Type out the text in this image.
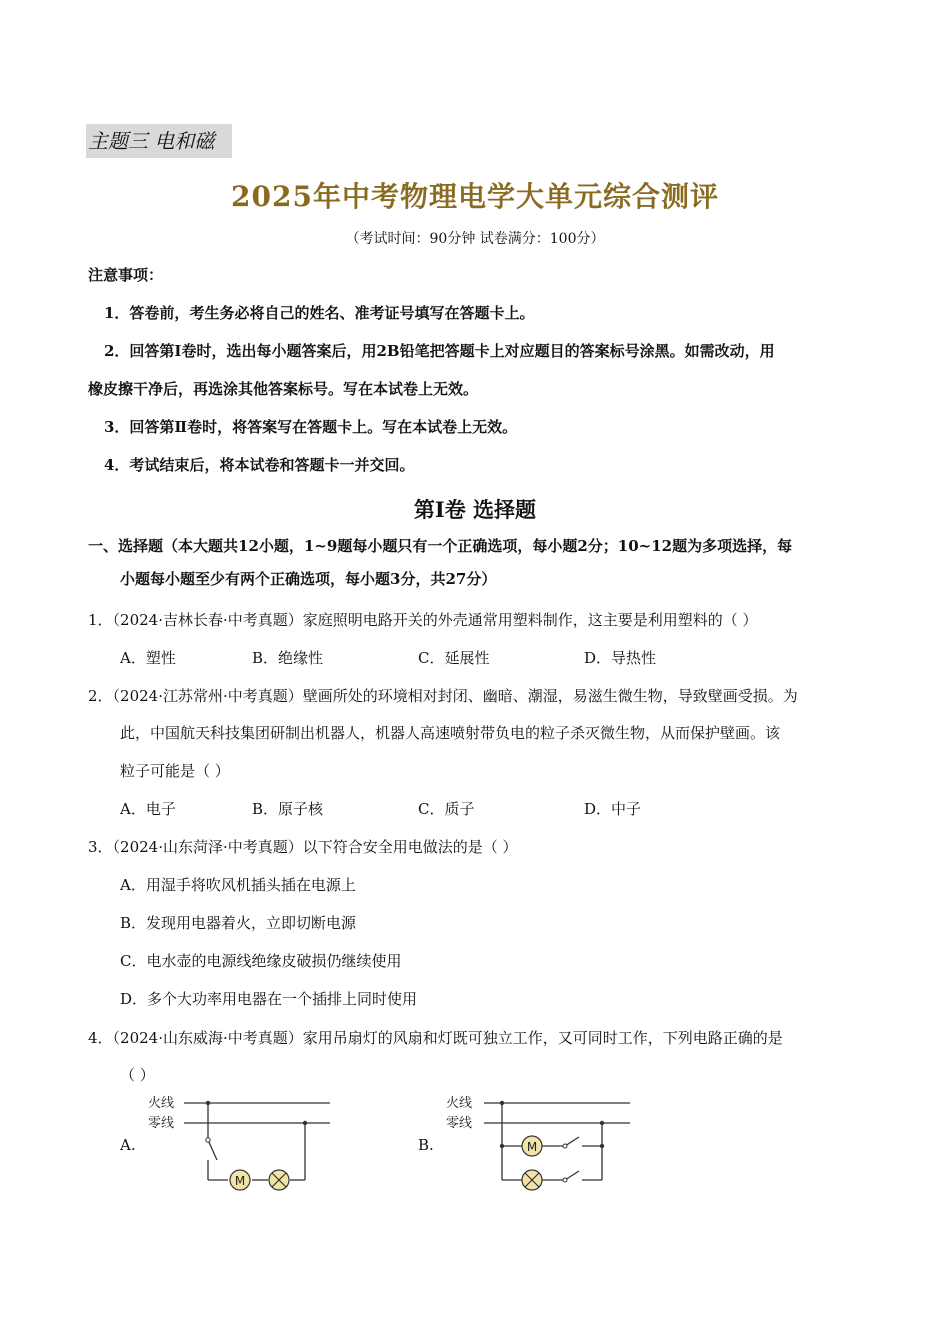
主题三 电和磁
2025年中考物理电学大单元综合测评
（考试时间：90分钟 试卷满分：100分）
注意事项：
1．答卷前，考生务必将自己的姓名、准考证号填写在答题卡上。
2．回答第Ⅰ卷时，选出每小题答案后，用2B铅笔把答题卡上对应题目的答案标号涂黑。如需改动，用
橡皮擦干净后，再选涂其他答案标号。写在本试卷上无效。
3．回答第Ⅱ卷时，将答案写在答题卡上。写在本试卷上无效。
4．考试结束后，将本试卷和答题卡一并交回。
第Ⅰ卷 选择题
一、选择题（本大题共12小题，1~9题每小题只有一个正确选项，每小题2分；10~12题为多项选择，每
小题每小题至少有两个正确选项，每小题3分，共27分）
1．（2024·吉林长春·中考真题）家庭照明电路开关的外壳通常用塑料制作，这主要是利用塑料的（ ）
A．塑性	B．绝缘性	C．延展性	D．导热性
2．（2024·江苏常州·中考真题）壁画所处的环境相对封闭、幽暗、潮湿，易滋生微生物，导致壁画受损。为
此，中国航天科技集团研制出机器人，机器人高速喷射带负电的粒子杀灭微生物，从而保护壁画。该
粒子可能是（ ）
A．电子	B．原子核	C．质子	D．中子
3．（2024·山东菏泽·中考真题）以下符合安全用电做法的是（ ）
A．用湿手将吹风机插头插在电源上
B．发现用电器着火，立即切断电源
C．电水壶的电源线绝缘皮破损仍继续使用
D．多个大功率用电器在一个插排上同时使用
4．（2024·山东威海·中考真题）家用吊扇灯的风扇和灯既可独立工作，又可同时工作，下列电路正确的是
（ ）
A.	B.
火线
零线
M
火线
零线
M
